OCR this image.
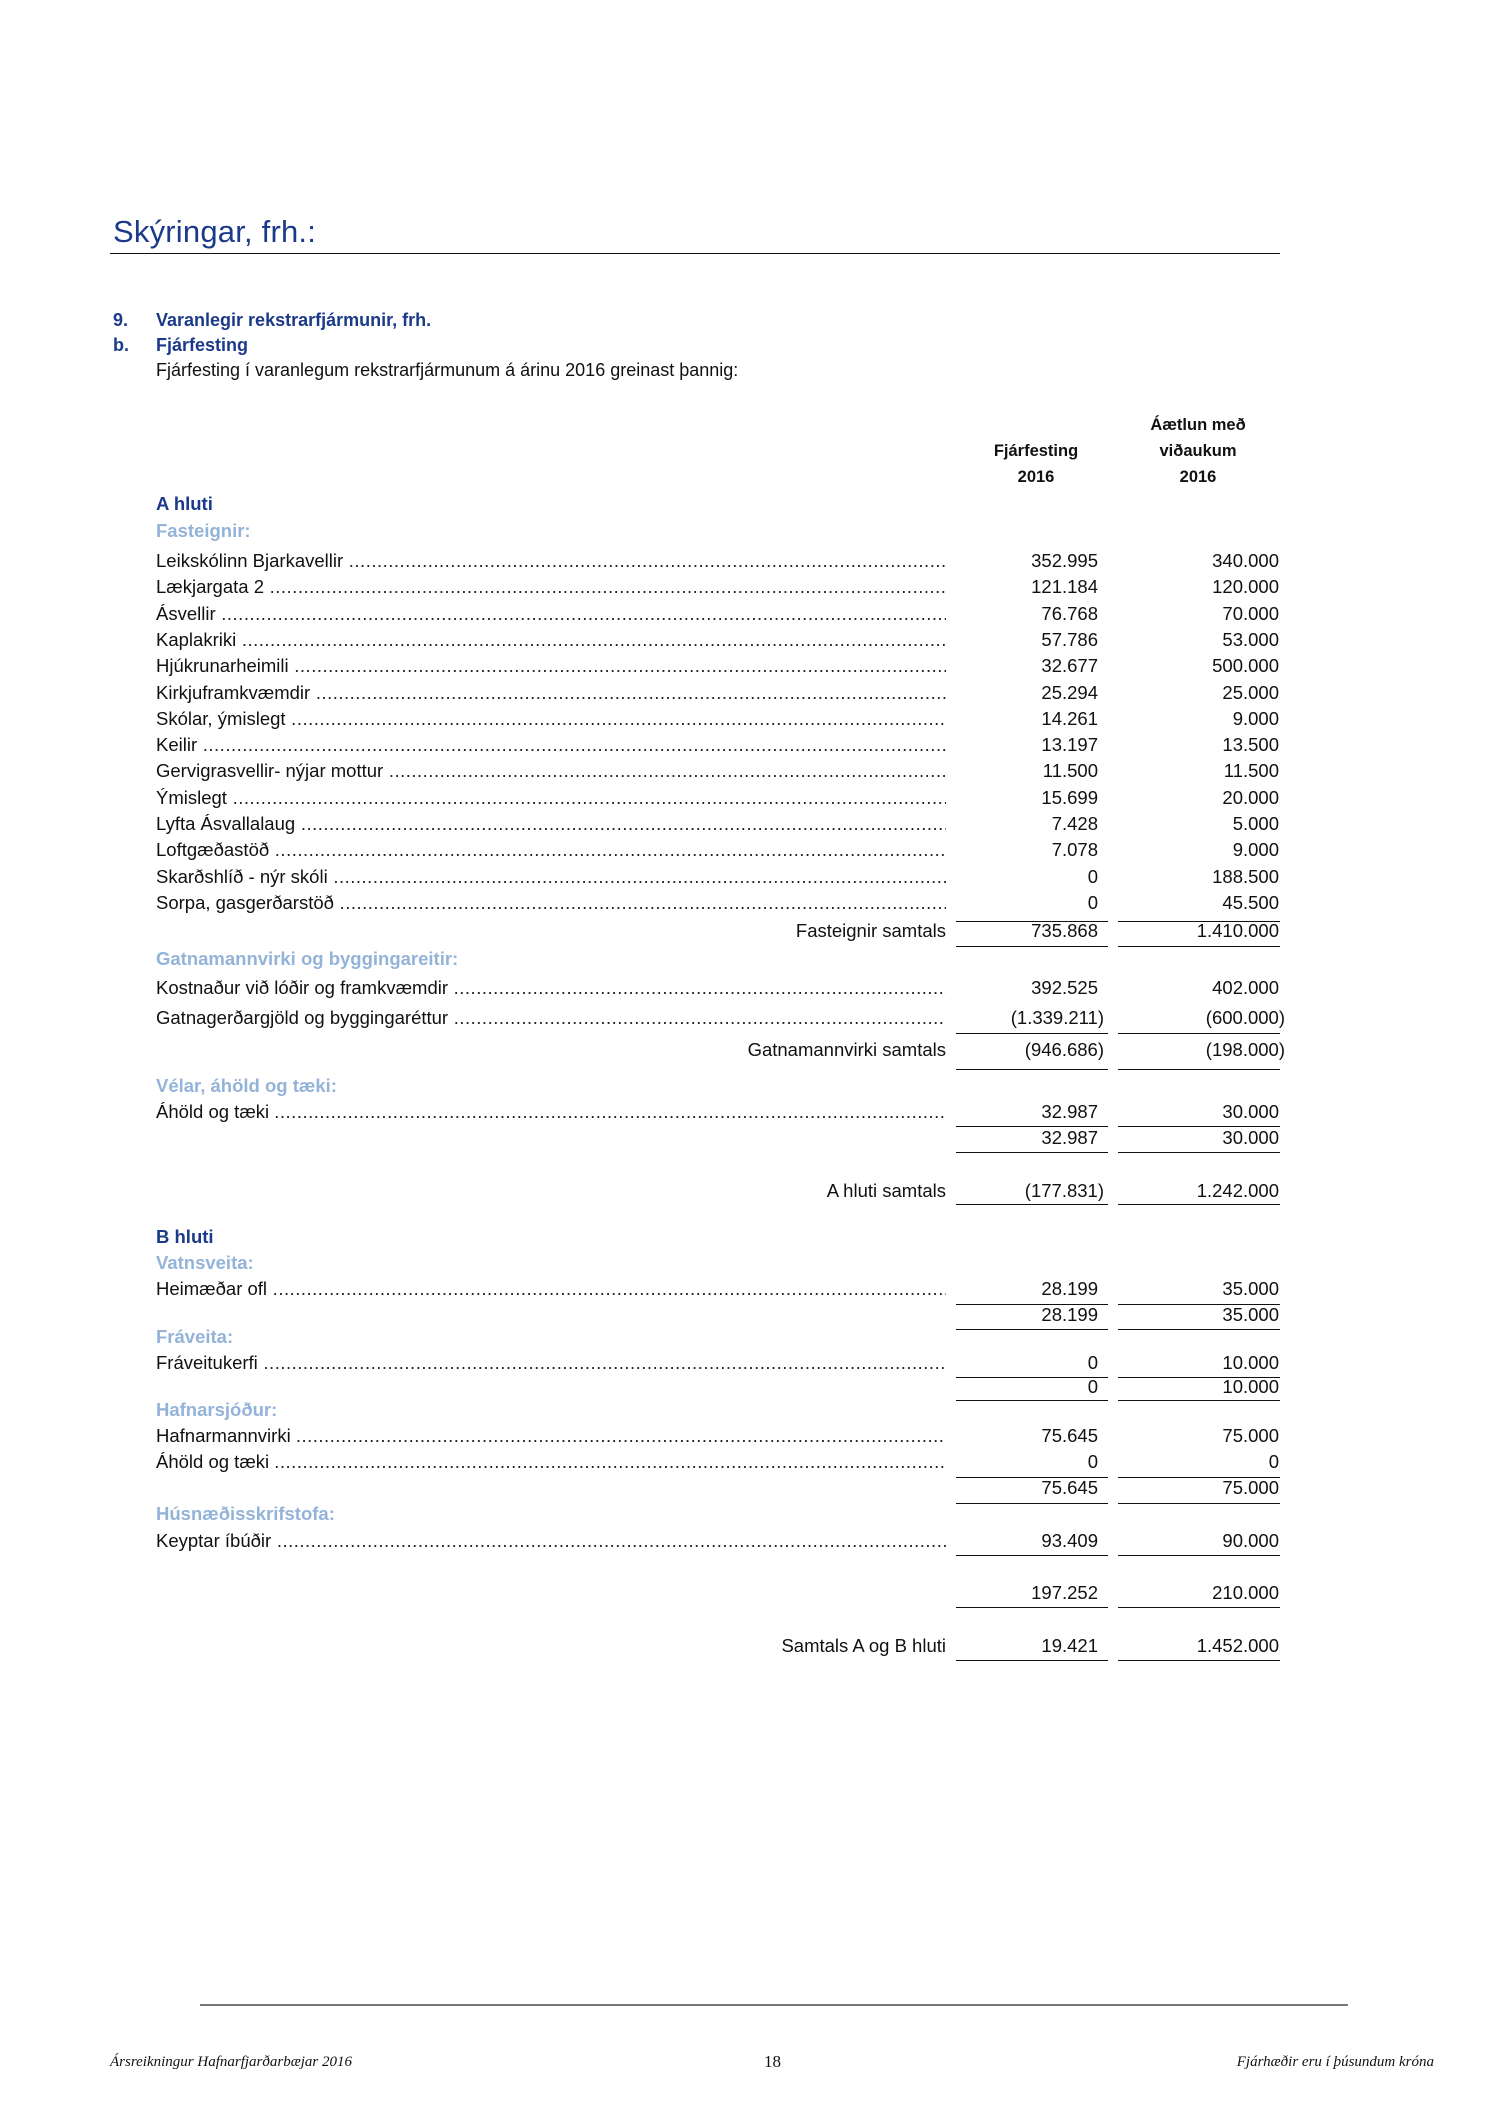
Skýringar, frh.:
9. Varanlegir rekstrarfjármunir, frh.
b. Fjárfesting
Fjárfesting í varanlegum rekstrarfjármunum á árinu 2016 greinast þannig:
Fjárfesting
2016
Áætlun með
viðaukum
2016
A hluti
Fasteignir:
Leikskólinn Bjarkavellir .....	352.995	340.000
Lækjargata 2 .....	121.184	120.000
Ásvellir .....	76.768	70.000
Kaplakriki .....	57.786	53.000
Hjúkrunarheimili .....	32.677	500.000
Kirkjuframkvæmdir .....	25.294	25.000
Skólar, ýmislegt .....	14.261	9.000
Keilir .....	13.197	13.500
Gervigrasvellir- nýjar mottur .....	11.500	11.500
Ýmislegt .....	15.699	20.000
Lyfta Ásvallalaug .....	7.428	5.000
Loftgæðastöð .....	7.078	9.000
Skarðshlíð - nýr skóli .....	0	188.500
Sorpa, gasgerðarstöð .....	0	45.500
Fasteignir samtals	735.868	1.410.000
Gatnamannvirki og byggingareitir:
Kostnaður við lóðir og framkvæmdir .....	392.525	402.000
Gatnagerðargjöld og byggingaréttur .....	(1.339.211)	(600.000)
Gatnamannvirki samtals	(946.686)	(198.000)
Vélar, áhöld og tæki:
Áhöld og tæki .....	32.987	30.000
32.987	30.000
A hluti samtals	(177.831)	1.242.000
B hluti
Vatnsveita:
Heimæðar ofl .....	28.199	35.000
28.199	35.000
Fráveita:
Fráveitukerfi .....	0	10.000
0	10.000
Hafnarsjóður:
Hafnarmannvirki .....	75.645	75.000
Áhöld og tæki .....	0	0
75.645	75.000
Húsnæðisskrifstofa:
Keyptar íbúðir .....	93.409	90.000
197.252	210.000
Samtals A og B hluti	19.421	1.452.000
Ársreikningur Hafnarfjarðarbæjar 2016	18	Fjárhæðir eru í þúsundum króna
